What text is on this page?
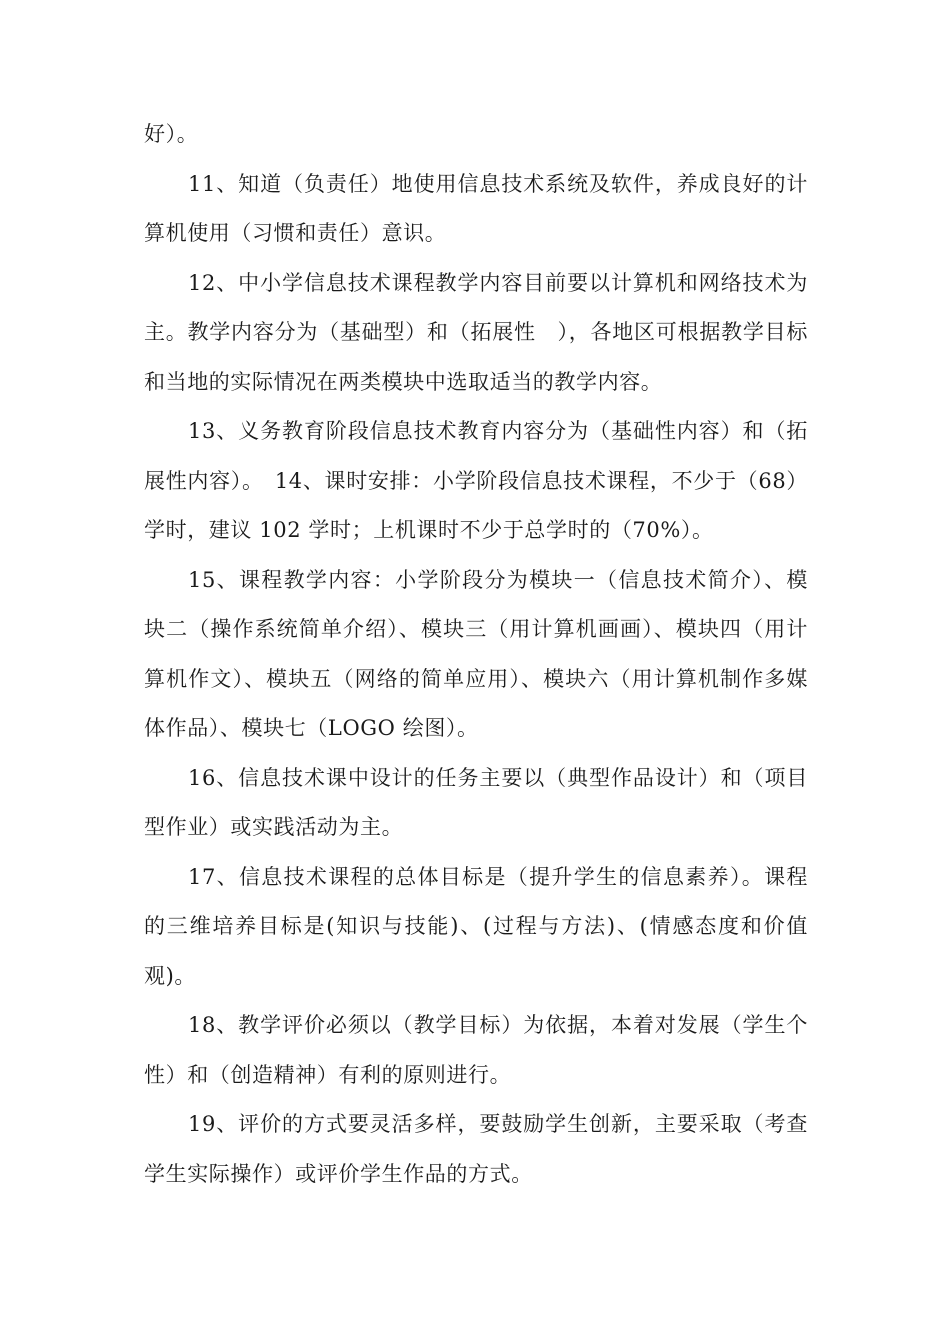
好）。

11、知道（负责任）地使用信息技术系统及软件，养成良好的计算机使用（习惯和责任）意识。

12、中小学信息技术课程教学内容目前要以计算机和网络技术为主。教学内容分为（基础型）和（拓展性　），各地区可根据教学目标和当地的实际情况在两类模块中选取适当的教学内容。

13、义务教育阶段信息技术教育内容分为（基础性内容）和（拓展性内容）。　14、课时安排：小学阶段信息技术课程，不少于（68）学时，建议 102 学时；上机课时不少于总学时的（70%）。

15、课程教学内容：小学阶段分为模块一（信息技术简介）、模块二（操作系统简单介绍）、模块三（用计算机画画）、模块四（用计算机作文）、模块五（网络的简单应用）、模块六（用计算机制作多媒体作品）、模块七（LOGO 绘图）。

16、信息技术课中设计的任务主要以（典型作品设计）和（项目型作业）或实践活动为主。

17、信息技术课程的总体目标是（提升学生的信息素养）。课程的三维培养目标是(知识与技能)、(过程与方法)、(情感态度和价值观)。

18、教学评价必须以（教学目标）为依据，本着对发展（学生个性）和（创造精神）有利的原则进行。

19、评价的方式要灵活多样，要鼓励学生创新，主要采取（考查学生实际操作）或评价学生作品的方式。
